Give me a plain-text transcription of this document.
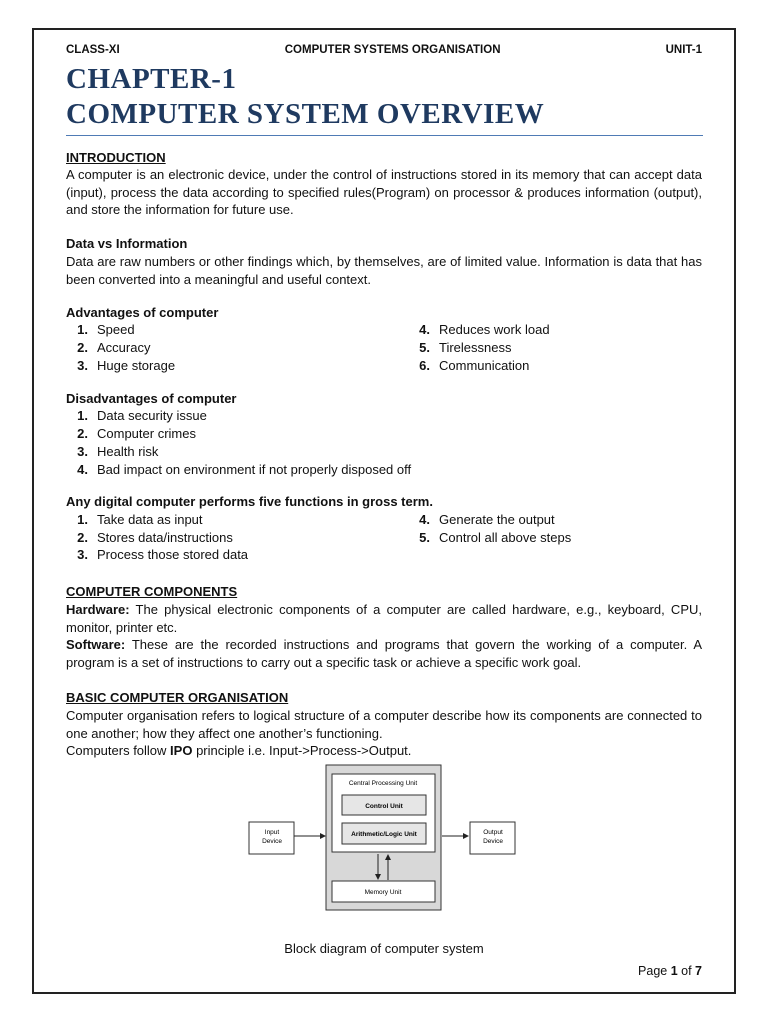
CLASS-XI	COMPUTER SYSTEMS ORGANISATION	UNIT-1
CHAPTER-1
COMPUTER SYSTEM OVERVIEW
INTRODUCTION
A computer is an electronic device, under the control of instructions stored in its memory that can accept data (input), process the data according to specified rules(Program) on processor & produces information (output), and store the information for future use.
Data vs Information
Data are raw numbers or other findings which, by themselves, are of limited value. Information is data that has been converted into a meaningful and useful context.
Advantages of computer
1. Speed
2. Accuracy
3. Huge storage
4. Reduces work load
5. Tirelessness
6. Communication
Disadvantages of computer
1. Data security issue
2. Computer crimes
3. Health risk
4. Bad impact on environment if not properly disposed off
Any digital computer performs five functions in gross term.
1. Take data as input
2. Stores data/instructions
3. Process those stored data
4. Generate the output
5. Control all above steps
COMPUTER COMPONENTS
Hardware: The physical electronic components of a computer are called hardware, e.g., keyboard, CPU, monitor, printer etc.
Software: These are the recorded instructions and programs that govern the working of a computer. A program is a set of instructions to carry out a specific task or achieve a specific work goal.
BASIC COMPUTER ORGANISATION
Computer organisation refers to logical structure of a computer describe how its components are connected to one another; how they affect one another’s functioning.
Computers follow IPO principle i.e. Input->Process->Output.
Central Processing Unit
Control Unit
Arithmetic/Logic Unit
Input
Device
Output
Device
Memory Unit
Block diagram of computer system
Page 1 of 7
